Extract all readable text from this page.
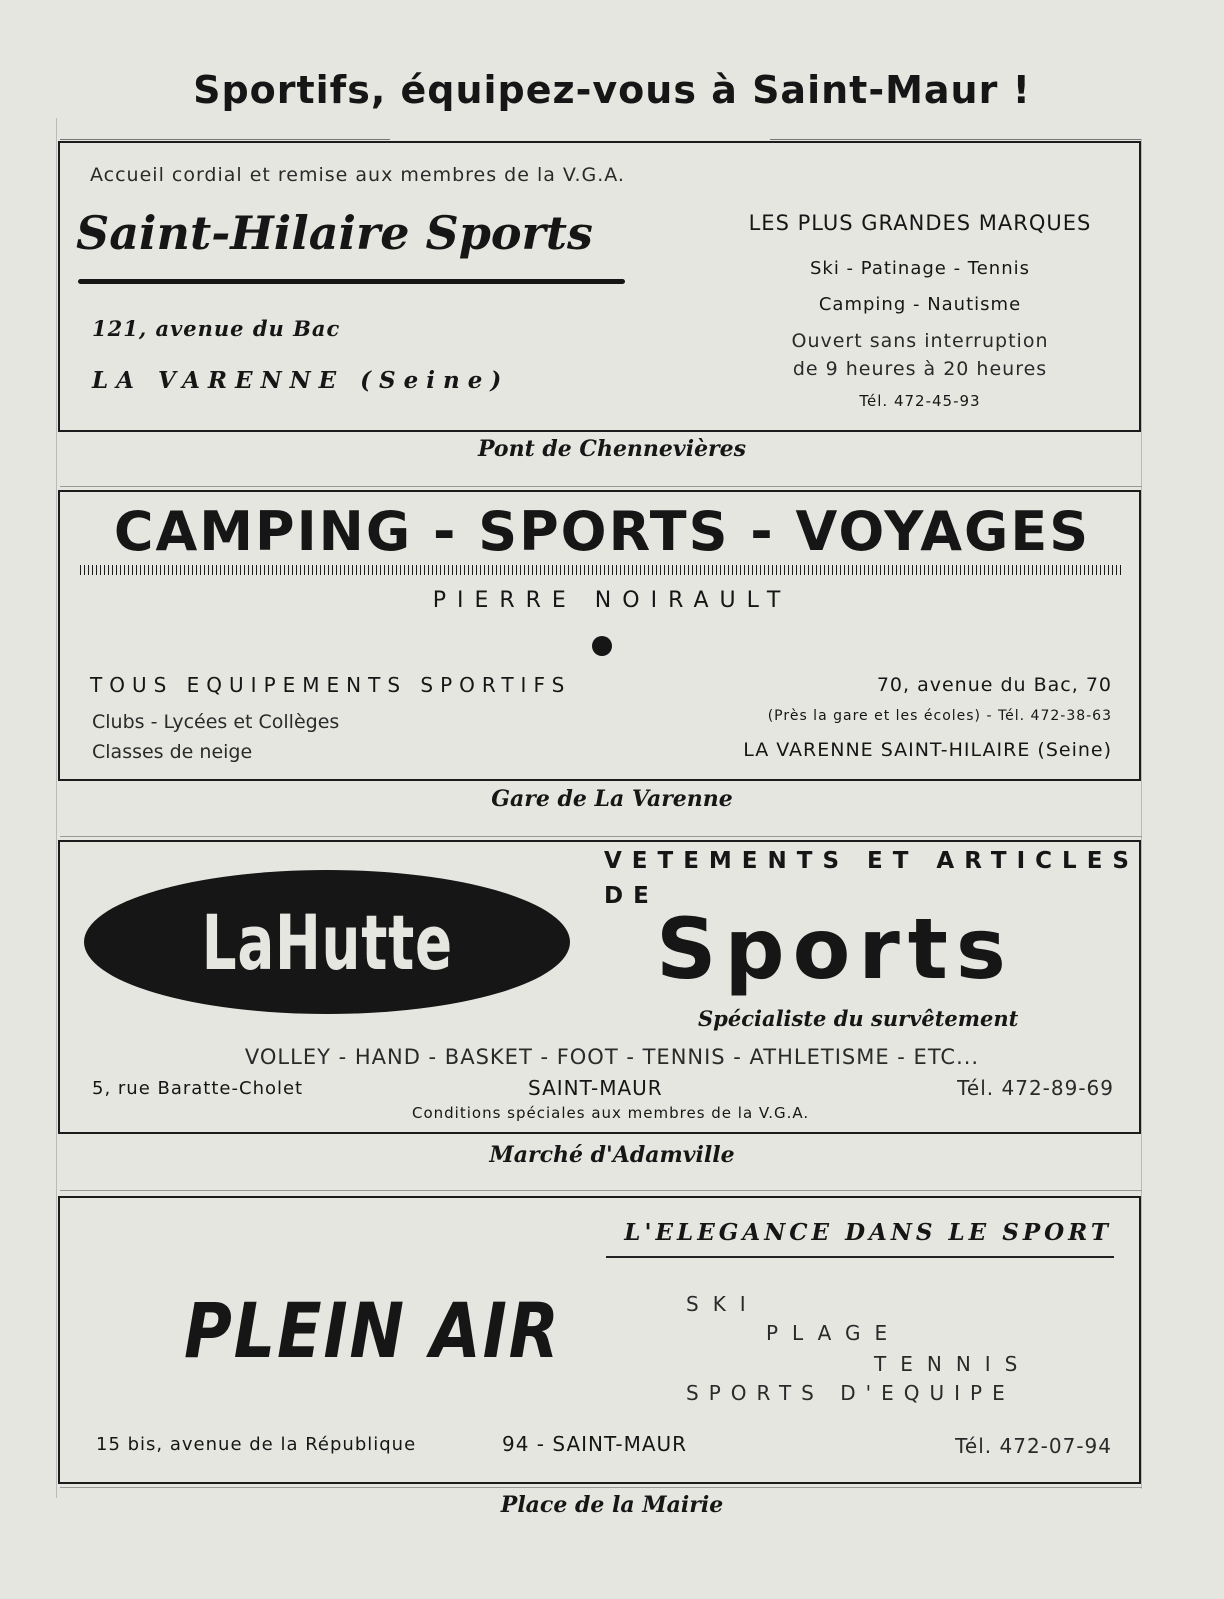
Sportifs, équipez-vous à Saint-Maur !
Accueil cordial et remise aux membres de la V.G.A.
Saint-Hilaire Sports
121, avenue du Bac
LA VARENNE (Seine)
LES PLUS GRANDES MARQUES
Ski - Patinage - Tennis
Camping - Nautisme
Ouvert sans interruption
de 9 heures à 20 heures
Tél. 472-45-93
Pont de Chennevières
CAMPING - SPORTS - VOYAGES
PIERRE NOIRAULT
TOUS EQUIPEMENTS SPORTIFS
Clubs - Lycées et Collèges
Classes de neige
70, avenue du Bac, 70
(Près la gare et les écoles) - Tél. 472-38-63
LA VARENNE SAINT-HILAIRE (Seine)
Gare de La Varenne
LaHutte
VETEMENTS ET ARTICLES
DE
Sports
Spécialiste du survêtement
VOLLEY - HAND - BASKET - FOOT - TENNIS - ATHLETISME - ETC...
5, rue Baratte-Cholet	SAINT-MAUR	Tél. 472-89-69
Conditions spéciales aux membres de la V.G.A.
Marché d'Adamville
L'ELEGANCE DANS LE SPORT
PLEIN AIR	SKI
PLAGE
TENNIS
SPORTS D'EQUIPE
15 bis, avenue de la République	94 - SAINT-MAUR	Tél. 472-07-94
Place de la Mairie
